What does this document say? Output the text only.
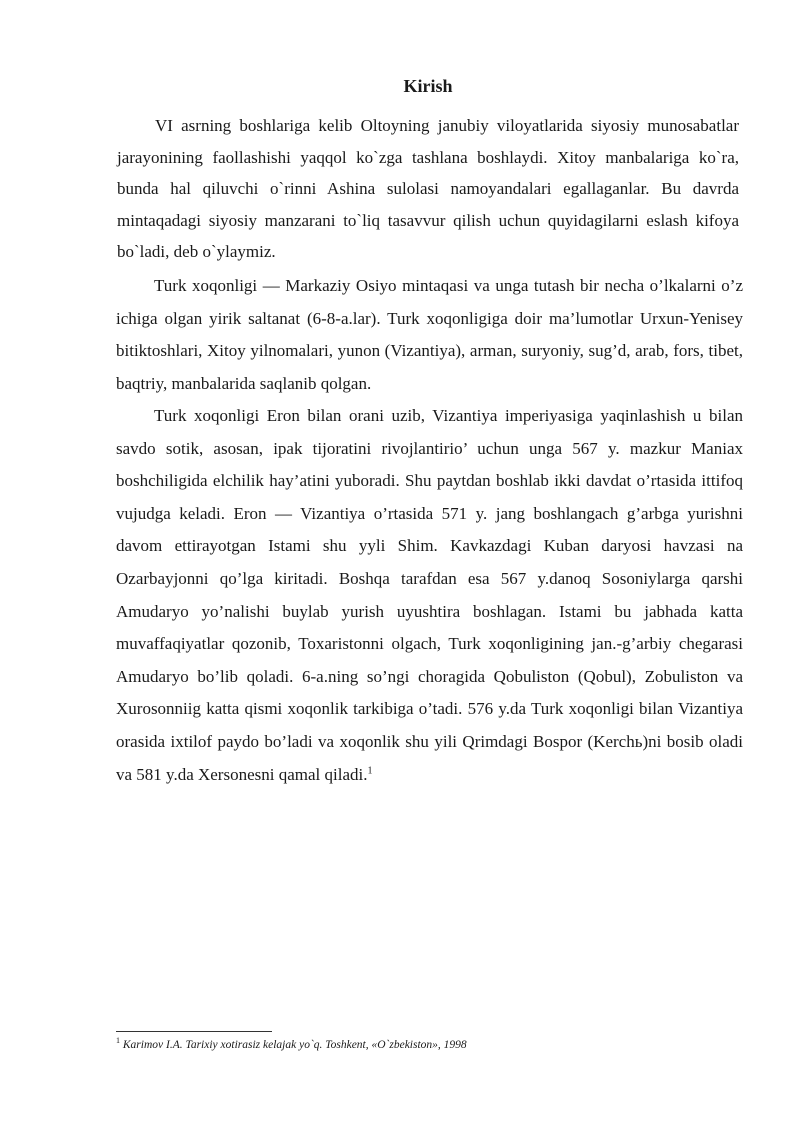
Kirish

VI asrning boshlariga kelib Oltoyning janubiy viloyatlarida siyosiy munosabatlar jarayonining faollashishi yaqqol ko`zga tashlana boshlaydi. Xitoy manbalariga ko`ra, bunda hal qiluvchi o`rinni Ashina sulolasi namoyandalari egallaganlar. Bu davrda mintaqadagi siyosiy manzarani to`liq tasavvur qilish uchun quyidagilarni eslash kifoya bo`ladi, deb o`ylaymiz.

Turk xoqonligi — Markaziy Osiyo mintaqasi va unga tutash bir necha o’lkalarni o’z ichiga olgan yirik saltanat (6-8-a.lar). Turk xoqonligiga doir ma’lumotlar Urxun-Yenisey bitiktoshlari, Xitoy yilnomalari, yunon (Vizantiya), arman, suryoniy, sug’d, arab, fors, tibet, baqtriy, manbalarida saqlanib qolgan.

Turk xoqonligi Eron bilan orani uzib, Vizantiya imperiyasiga yaqinlashish u bilan savdo sotik, asosan, ipak tijoratini rivojlantirio’ uchun unga 567 y. mazkur Maniax boshchiligida elchilik hay’atini yuboradi. Shu paytdan boshlab ikki davdat o’rtasida ittifoq vujudga keladi. Eron — Vizantiya o’rtasida 571 y. jang boshlangach g’arbga yurishni davom ettirayotgan Istami shu yyli Shim. Kavkazdagi Kuban daryosi havzasi na Ozarbayjonni qo’lga kiritadi. Boshqa tarafdan esa 567 y.danoq Sosoniylarga qarshi Amudaryo yo’nalishi buylab yurish uyushtira boshlagan. Istami bu jabhada katta muvaffaqiyatlar qozonib, Toxaristonni olgach, Turk xoqonligining jan.-g’arbiy chegarasi Amudaryo bo’lib qoladi. 6-a.ning so’ngi choragida Qobuliston (Qobul), Zobuliston va Xurosonniig katta qismi xoqonlik tarkibiga o’tadi. 576 y.da Turk xoqonligi bilan Vizantiya orasida ixtilof paydo bo’ladi va xoqonlik shu yili Qrimdagi Bospor (Kerchь)ni bosib oladi va 581 y.da Xersonesni qamal qiladi.$^1$

$^1$ Karimov I.A. Tarixiy xotirasiz kelajak yo`q. Toshkent, «O`zbekiston», 1998
